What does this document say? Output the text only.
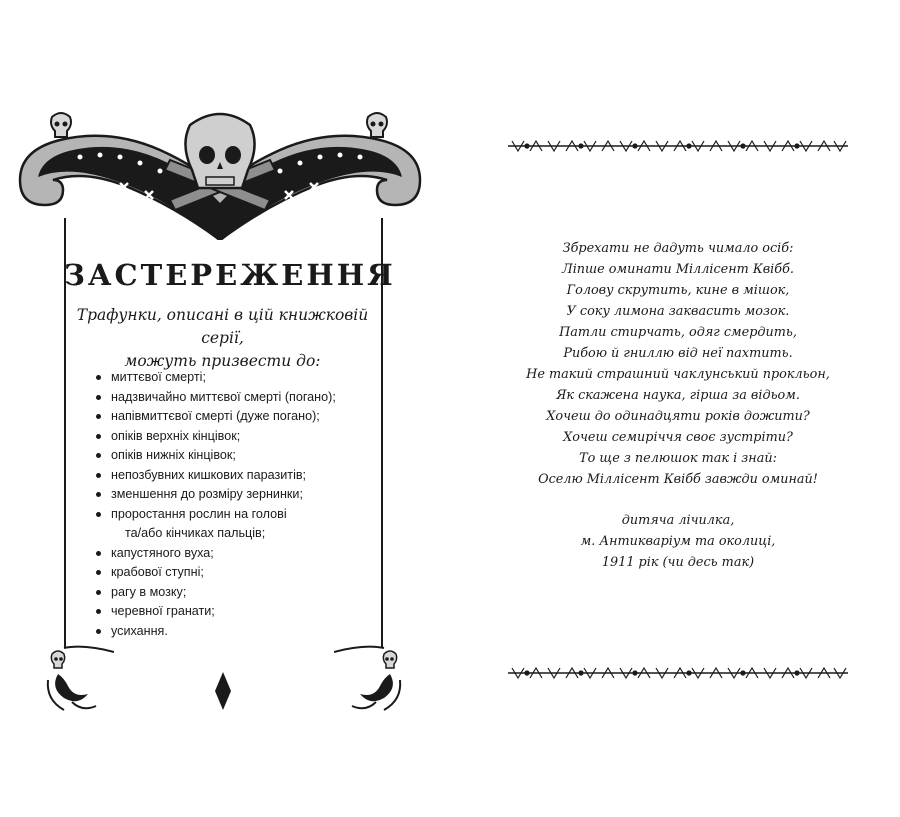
ЗАСТЕРЕЖЕННЯ
Трафунки, описані в цій книжковій серії,
можуть призвести до:
миттєвої смерті;
надзвичайно миттєвої смерті (погано);
напівмиттєвої смерті (дуже погано);
опіків верхніх кінцівок;
опіків нижніх кінцівок;
непозбувних кишкових паразитів;
зменшення до розміру зернинки;
проростання рослин на голові
та/або кінчиках пальців;
капустяного вуха;
крабової ступні;
рагу в мозку;
черевної гранати;
усихання.
Збрехати не дадуть чимало осіб:
Ліпше оминати Міллісент Квібб.
Голову скрутить, кине в мішок,
У соку лимона заквасить мозок.
Патли стирчать, одяг смердить,
Рибою й гниллю від неї пахтить.
Не такий страшний чаклунський прокльон,
Як скажена наука, гірша за відьом.
Хочеш до одинадцяти років дожити?
Хочеш семиріччя своє зустріти?
То ще з пелюшок так і знай:
Оселю Міллісент Квібб завжди оминай!
дитяча лічилка,
м. Антикваріум та околиці,
1911 рік (чи десь так)
